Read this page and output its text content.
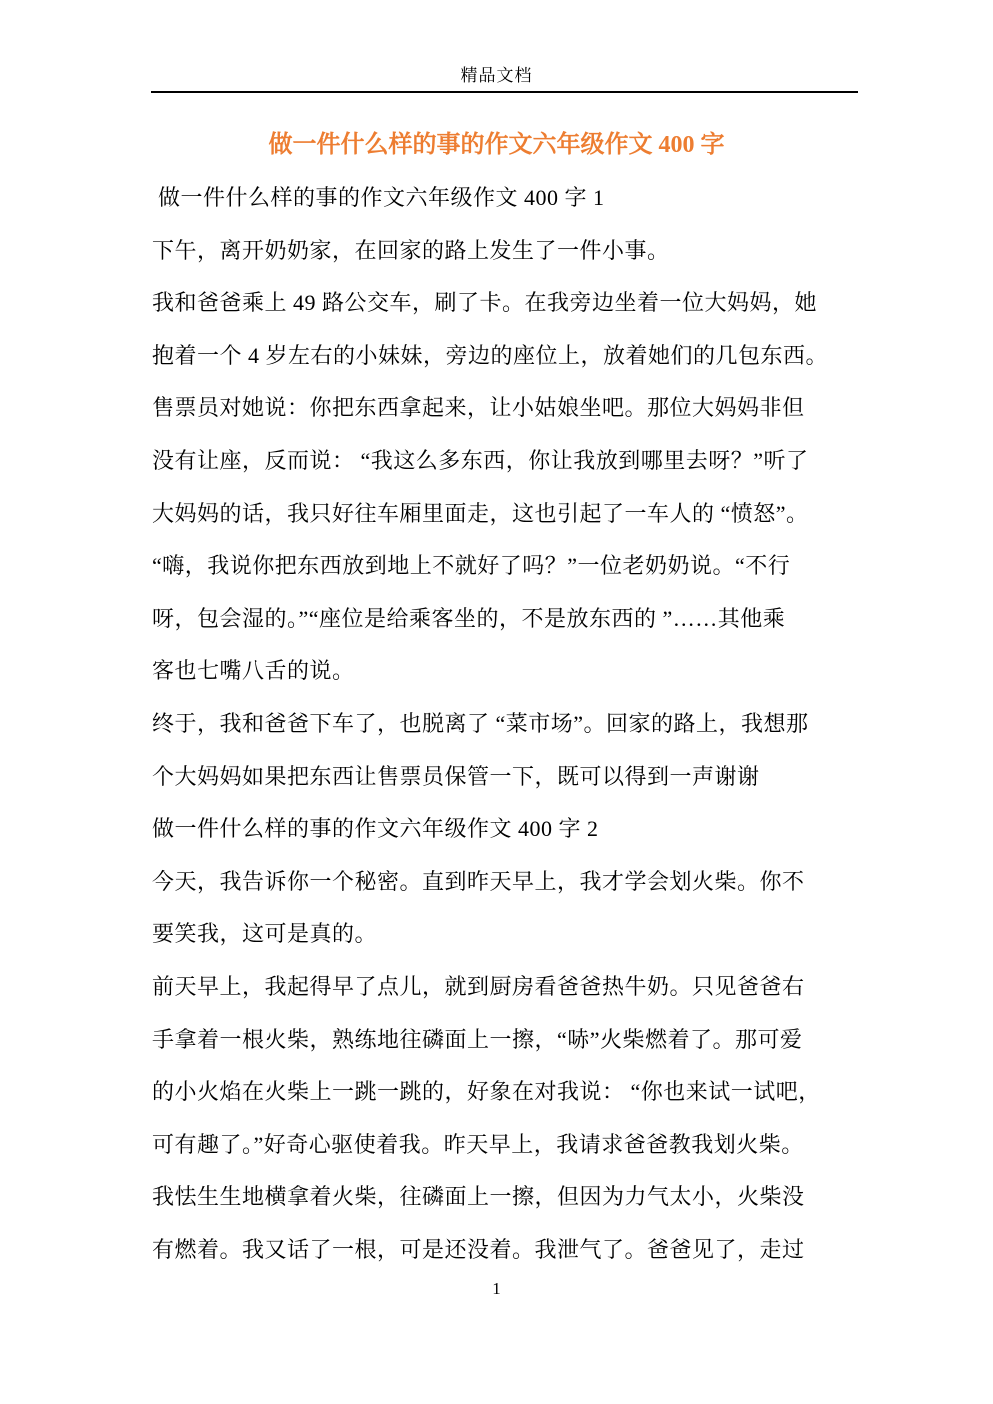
精品文档
做一件什么样的事的作文六年级作文 400 字
做一件什么样的事的作文六年级作文 400 字 1
下午，离开奶奶家，在回家的路上发生了一件小事。
我和爸爸乘上 49 路公交车，刷了卡。在我旁边坐着一位大妈妈，她
抱着一个 4 岁左右的小妹妹，旁边的座位上，放着她们的几包东西。
售票员对她说：你把东西拿起来，让小姑娘坐吧。那位大妈妈非但
没有让座，反而说： “我这么多东西，你让我放到哪里去呀？”听了
大妈妈的话，我只好往车厢里面走，这也引起了一车人的 “愤怒”。
“嗨，我说你把东西放到地上不就好了吗？”一位老奶奶说。“不行
呀，包会湿的。”“座位是给乘客坐的，不是放东西的 ”……其他乘
客也七嘴八舌的说。
终于，我和爸爸下车了，也脱离了 “菜市场”。回家的路上，我想那
个大妈妈如果把东西让售票员保管一下，既可以得到一声谢谢
做一件什么样的事的作文六年级作文 400 字 2
今天，我告诉你一个秘密。直到昨天早上，我才学会划火柴。你不
要笑我，这可是真的。
前天早上，我起得早了点儿，就到厨房看爸爸热牛奶。只见爸爸右
手拿着一根火柴，熟练地往磷面上一擦，“哧”火柴燃着了。那可爱
的小火焰在火柴上一跳一跳的，好象在对我说： “你也来试一试吧，
可有趣了。”好奇心驱使着我。昨天早上，我请求爸爸教我划火柴。
我怯生生地横拿着火柴，往磷面上一擦，但因为力气太小，火柴没
有燃着。我又话了一根，可是还没着。我泄气了。爸爸见了，走过
1
